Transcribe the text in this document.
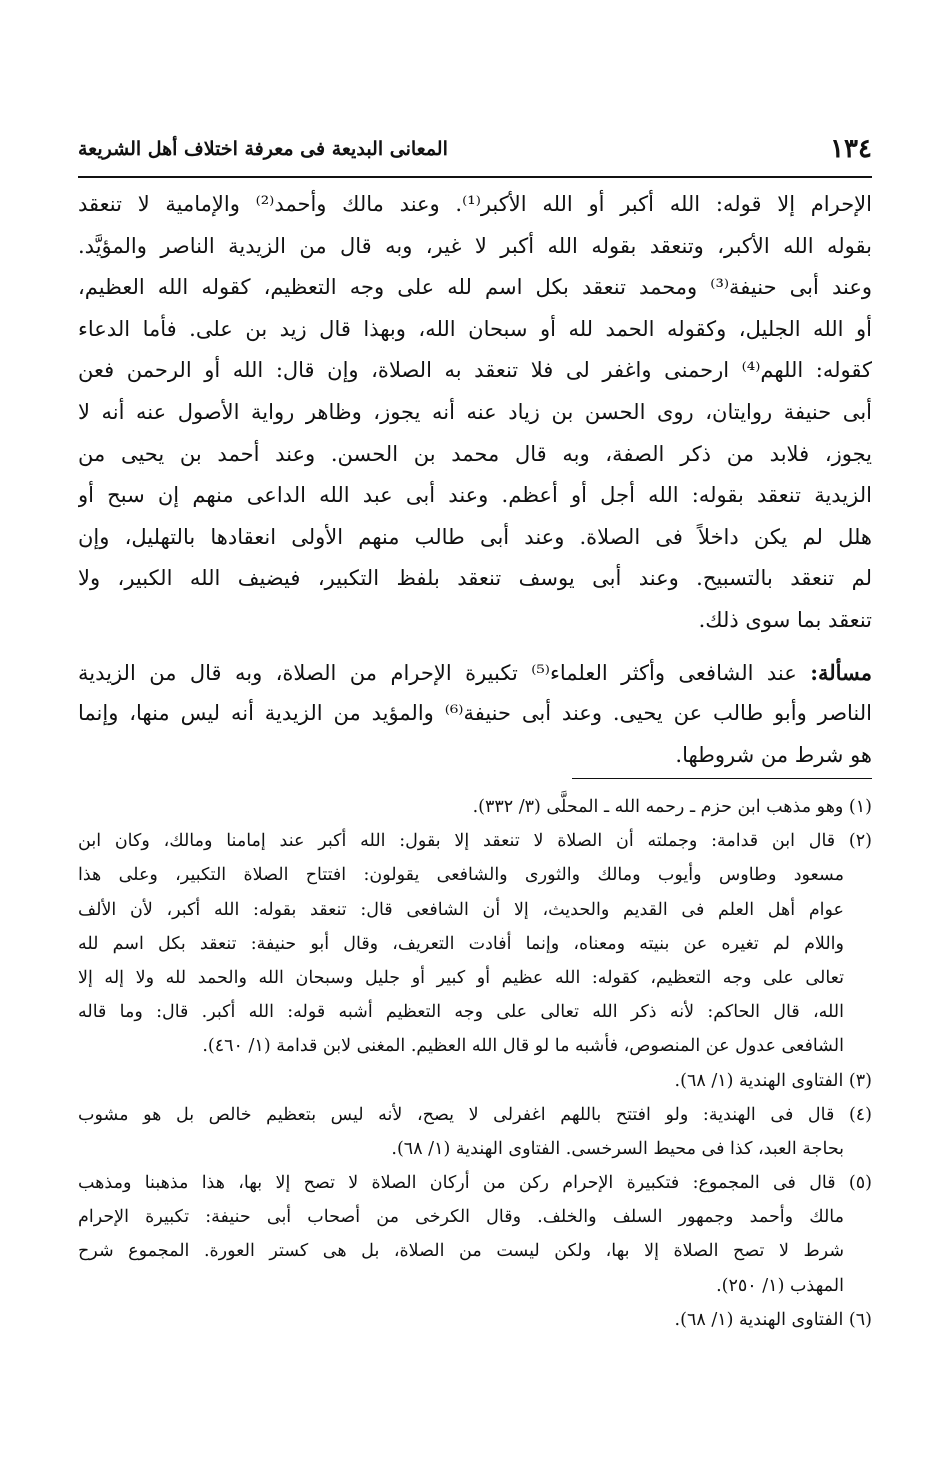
١٣٤
المعانى البديعة فى معرفة اختلاف أهل الشريعة
الإحرام إلا قوله: الله أكبر أو الله الأكبر⁽¹⁾. وعند مالك وأحمد⁽²⁾ والإمامية لا تنعقد
بقوله الله الأكبر، وتنعقد بقوله الله أكبر لا غير، وبه قال من الزيدية الناصر والمؤيَّد.
وعند أبى حنيفة⁽³⁾ ومحمد تنعقد بكل اسم لله على وجه التعظيم، كقوله الله العظيم،
أو الله الجليل، وكقوله الحمد لله أو سبحان الله، وبهذا قال زيد بن على. فأما الدعاء
كقوله: اللهم⁽⁴⁾ ارحمنى واغفر لى فلا تنعقد به الصلاة، وإن قال: الله أو الرحمن فعن
أبى حنيفة روايتان، روى الحسن بن زياد عنه أنه يجوز، وظاهر رواية الأصول عنه أنه لا
يجوز، فلابد من ذكر الصفة، وبه قال محمد بن الحسن. وعند أحمد بن يحيى من
الزيدية تنعقد بقوله: الله أجل أو أعظم. وعند أبى عبد الله الداعى منهم إن سبح أو
هلل لم يكن داخلاً فى الصلاة. وعند أبى طالب منهم الأولى انعقادها بالتهليل، وإن
لم تنعقد بالتسبيح. وعند أبى يوسف تنعقد بلفظ التكبير، فيضيف الله الكبير، ولا
تنعقد بما سوى ذلك.
مسألة: عند الشافعى وأكثر العلماء⁽⁵⁾ تكبيرة الإحرام من الصلاة، وبه قال من الزيدية
الناصر وأبو طالب عن يحيى. وعند أبى حنيفة⁽⁶⁾ والمؤيد من الزيدية أنه ليس منها، وإنما
هو شرط من شروطها.
(١) وهو مذهب ابن حزم ـ رحمه الله ـ المحلَّى (٣/ ٣٣٢).
(٢) قال ابن قدامة: وجملته أن الصلاة لا تنعقد إلا بقول: الله أكبر عند إمامنا ومالك، وكان ابن
مسعود وطاوس وأيوب ومالك والثورى والشافعى يقولون: افتتاح الصلاة التكبير، وعلى هذا
عوام أهل العلم فى القديم والحديث، إلا أن الشافعى قال: تنعقد بقوله: الله أكبر، لأن الألف
واللام لم تغيره عن بنيته ومعناه، وإنما أفادت التعريف، وقال أبو حنيفة: تنعقد بكل اسم لله
تعالى على وجه التعظيم، كقوله: الله عظيم أو كبير أو جليل وسبحان الله والحمد لله ولا إله إلا
الله، قال الحاكم: لأنه ذكر الله تعالى على وجه التعظيم أشبه قوله: الله أكبر. قال: وما قاله
الشافعى عدول عن المنصوص، فأشبه ما لو قال الله العظيم. المغنى لابن قدامة (١/ ٤٦٠).
(٣) الفتاوى الهندية (١/ ٦٨).
(٤) قال فى الهندية: ولو افتتح باللهم اغفرلى لا يصح، لأنه ليس بتعظيم خالص بل هو مشوب
بحاجة العبد، كذا فى محيط السرخسى. الفتاوى الهندية (١/ ٦٨).
(٥) قال فى المجموع: فتكبيرة الإحرام ركن من أركان الصلاة لا تصح إلا بها، هذا مذهبنا ومذهب
مالك وأحمد وجمهور السلف والخلف. وقال الكرخى من أصحاب أبى حنيفة: تكبيرة الإحرام
شرط لا تصح الصلاة إلا بها، ولكن ليست من الصلاة، بل هى كستر العورة. المجموع شرح
المهذب (١/ ٢٥٠).
(٦) الفتاوى الهندية (١/ ٦٨).
